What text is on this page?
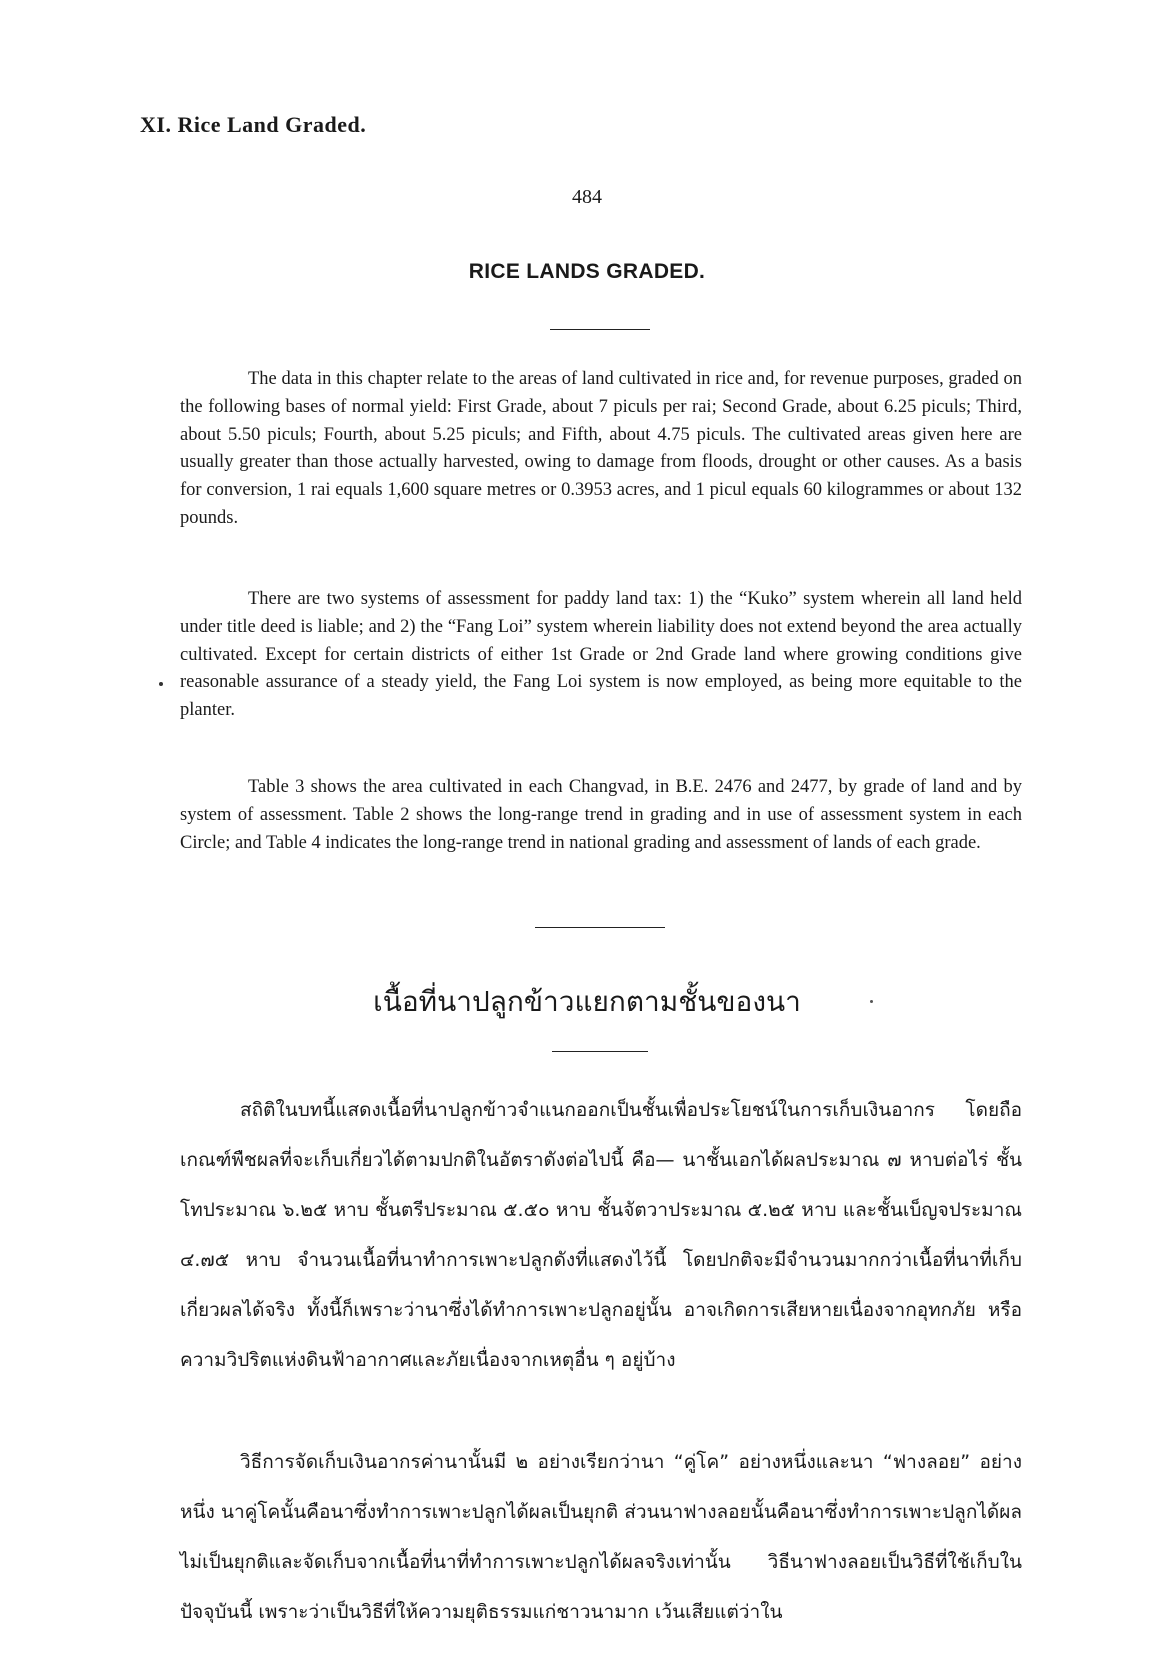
XI. Rice Land Graded.
484
RICE LANDS GRADED.

The data in this chapter relate to the areas of land cultivated in rice and, for revenue purposes, graded on the following bases of normal yield: First Grade, about 7 piculs per rai; Second Grade, about 6.25 piculs; Third, about 5.50 piculs; Fourth, about 5.25 piculs; and Fifth, about 4.75 piculs. The cultivated areas given here are usually greater than those actually harvested, owing to damage from floods, drought or other causes. As a basis for conversion, 1 rai equals 1,600 square metres or 0.3953 acres, and 1 picul equals 60 kilogrammes or about 132 pounds.

There are two systems of assessment for paddy land tax: 1) the “Kuko” system wherein all land held under title deed is liable; and 2) the “Fang Loi” system wherein liability does not extend beyond the area actually cultivated. Except for certain districts of either 1st Grade or 2nd Grade land where growing conditions give reasonable assurance of a steady yield, the Fang Loi system is now employed, as being more equitable to the planter.

Table 3 shows the area cultivated in each Changvad, in B.E. 2476 and 2477, by grade of land and by system of assessment. Table 2 shows the long-range trend in grading and in use of assessment system in each Circle; and Table 4 indicates the long-range trend in national grading and assessment of lands of each grade.

เนื้อที่นาปลูกข้าวแยกตามชั้นของนา

สถิติในบทนี้แสดงเนื้อที่นาปลูกข้าวจำแนกออกเป็นชั้นเพื่อประโยชน์ในการเก็บเงินอากร โดยถือเกณฑ์พืชผลที่จะเก็บเกี่ยวได้ตามปกติในอัตราดังต่อไปนี้ คือ— นาชั้นเอกได้ผลประมาณ ๗ หาบต่อไร่ ชั้นโทประมาณ ๖.๒๕ หาบ ชั้นตรีประมาณ ๕.๕๐ หาบ ชั้นจัตวาประมาณ ๕.๒๕ หาบ และชั้นเบ็ญจประมาณ ๔.๗๕ หาบ จำนวนเนื้อที่นาทำการเพาะปลูกดังที่แสดงไว้นี้ โดยปกติจะมีจำนวนมากกว่าเนื้อที่นาที่เก็บเกี่ยวผลได้จริง ทั้งนี้ก็เพราะว่านาซึ่งได้ทำการเพาะปลูกอยู่นั้น อาจเกิดการเสียหายเนื่องจากอุทกภัย หรือความวิปริตแห่งดินฟ้าอากาศและภัยเนื่องจากเหตุอื่น ๆ อยู่บ้าง

วิธีการจัดเก็บเงินอากรค่านานั้นมี ๒ อย่างเรียกว่านา “คู่โค” อย่างหนึ่งและนา “ฟางลอย” อย่างหนึ่ง นาคู่โคนั้นคือนาซึ่งทำการเพาะปลูกได้ผลเป็นยุกติ ส่วนนาฟางลอยนั้นคือนาซึ่งทำการเพาะปลูกได้ผลไม่เป็นยุกติและจัดเก็บจากเนื้อที่นาที่ทำการเพาะปลูกได้ผลจริงเท่านั้น วิธีนาฟางลอยเป็นวิธีที่ใช้เก็บในปัจจุบันนี้ เพราะว่าเป็นวิธีที่ให้ความยุติธรรมแก่ชาวนามาก เว้นเสียแต่ว่าใน
